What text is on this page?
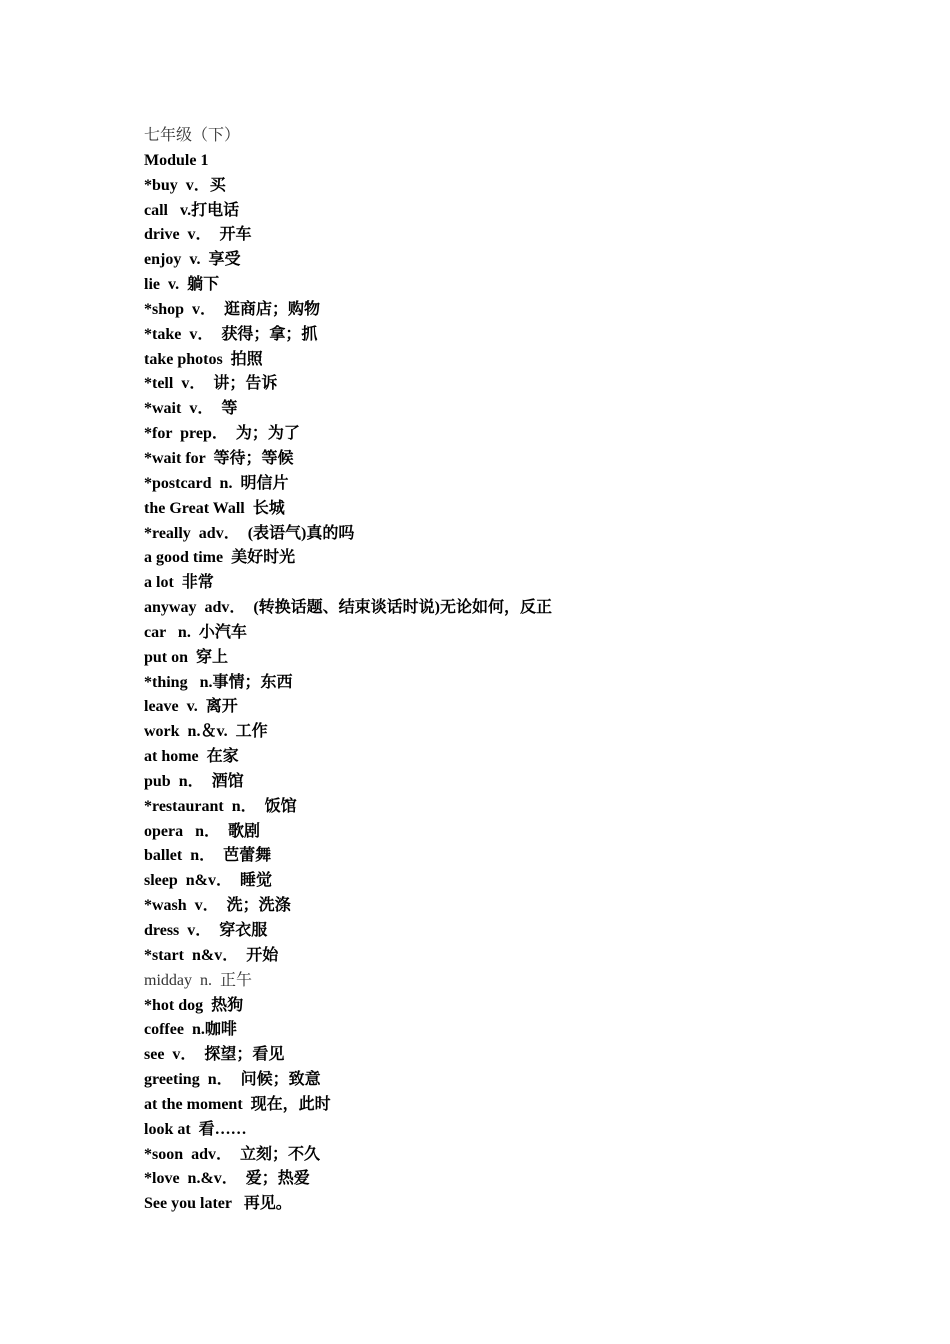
七年级（下）
Module 1
*buy  v．买
call   v.打电话
drive  v．  开车
enjoy  v.  享受
lie  v.  躺下
*shop  v．  逛商店；购物
*take  v．  获得；拿；抓
take photos  拍照
*tell  v．  讲；告诉
*wait  v．  等
*for  prep．  为；为了
*wait for  等待；等候
*postcard  n.  明信片
the Great Wall  长城
*really  adv．  (表语气)真的吗
a good time  美好时光
a lot  非常
anyway  adv．  (转换话题、结束谈话时说)无论如何，反正
car   n.  小汽车
put on  穿上
*thing   n.事情；东西
leave  v.  离开
work  n.＆v.  工作
at home  在家
pub  n．  酒馆
*restaurant  n．  饭馆
opera   n．  歌剧
ballet  n．  芭蕾舞
sleep  n&v．  睡觉
*wash  v．  洗；洗涤
dress  v．  穿衣服
*start  n&v．  开始
midday  n.  正午
*hot dog  热狗
coffee  n.咖啡
see  v．  探望；看见
greeting  n．  问候；致意
at the moment  现在，此时
look at  看……
*soon  adv．  立刻；不久
*love  n.&v．  爱；热爱
See you later   再见。
